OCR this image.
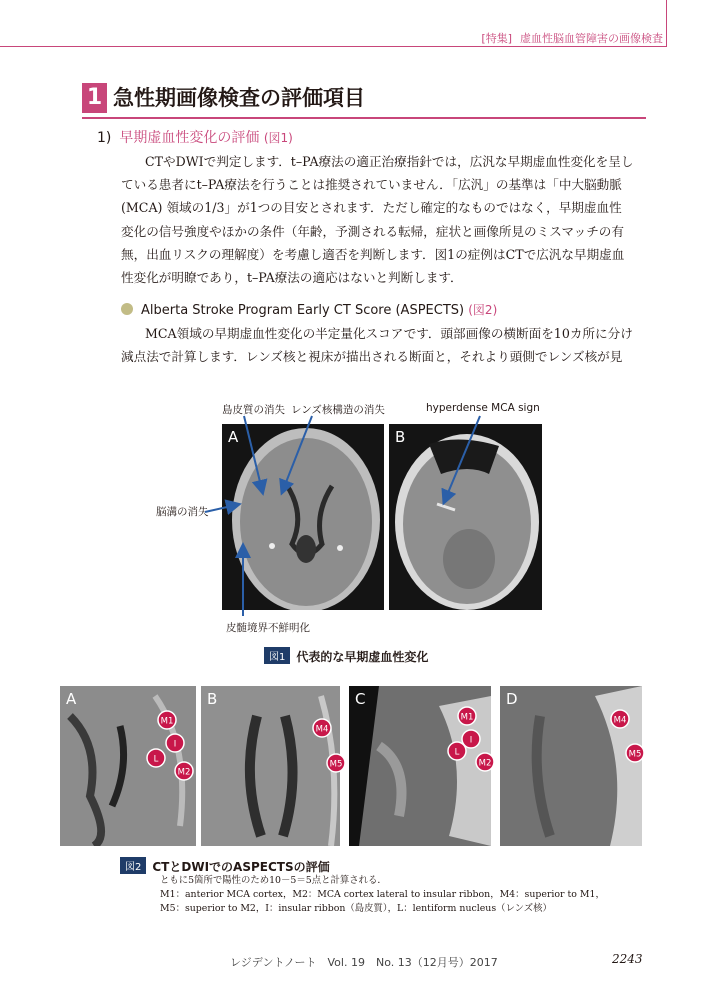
[特集] 虚血性脳血管障害の画像検査
1 急性期画像検査の評価項目
1) 早期虚血性変化の評価 (図1)
CTやDWIで判定します．t–PA療法の適正治療指針では，広汎な早期虚血性変化を呈し
ている患者にt–PA療法を行うことは推奨されていません．「広汎」の基準は「中大脳動脈
(MCA) 領域の1/3」が1つの目安とされます．ただし確定的なものではなく，早期虚血性
変化の信号強度やほかの条件（年齢，予測される転帰，症状と画像所見のミスマッチの有
無，出血リスクの理解度）を考慮し適否を判断します．図1の症例はCTで広汎な早期虚血
性変化が明瞭であり，t–PA療法の適応はないと判断します．
Alberta Stroke Program Early CT Score (ASPECTS) (図2)
MCA領域の早期虚血性変化の半定量化スコアです．頭部画像の横断面を10カ所に分け
減点法で計算します．レンズ核と視床が描出される断面と，それより頭側でレンズ核が見
島皮質の消失 レンズ核構造の消失	hyperdense MCA sign
脳溝の消失
皮髄境界不鮮明化
A	B
図1 代表的な早期虚血性変化
A	B	C	D
M1
I
L
M2
M4
M5
M1
I
L
M2
M4
M5
図2 CTとDWIでのASPECTSの評価
ともに5箇所で陽性のため10－5＝5点と計算される．
M1：anterior MCA cortex，M2：MCA cortex lateral to insular ribbon，M4：superior to M1，
M5：superior to M2，I：insular ribbon（島皮質），L：lentiform nucleus（レンズ核）
レジデントノート　Vol. 19　No. 13（12月号）2017	2243
